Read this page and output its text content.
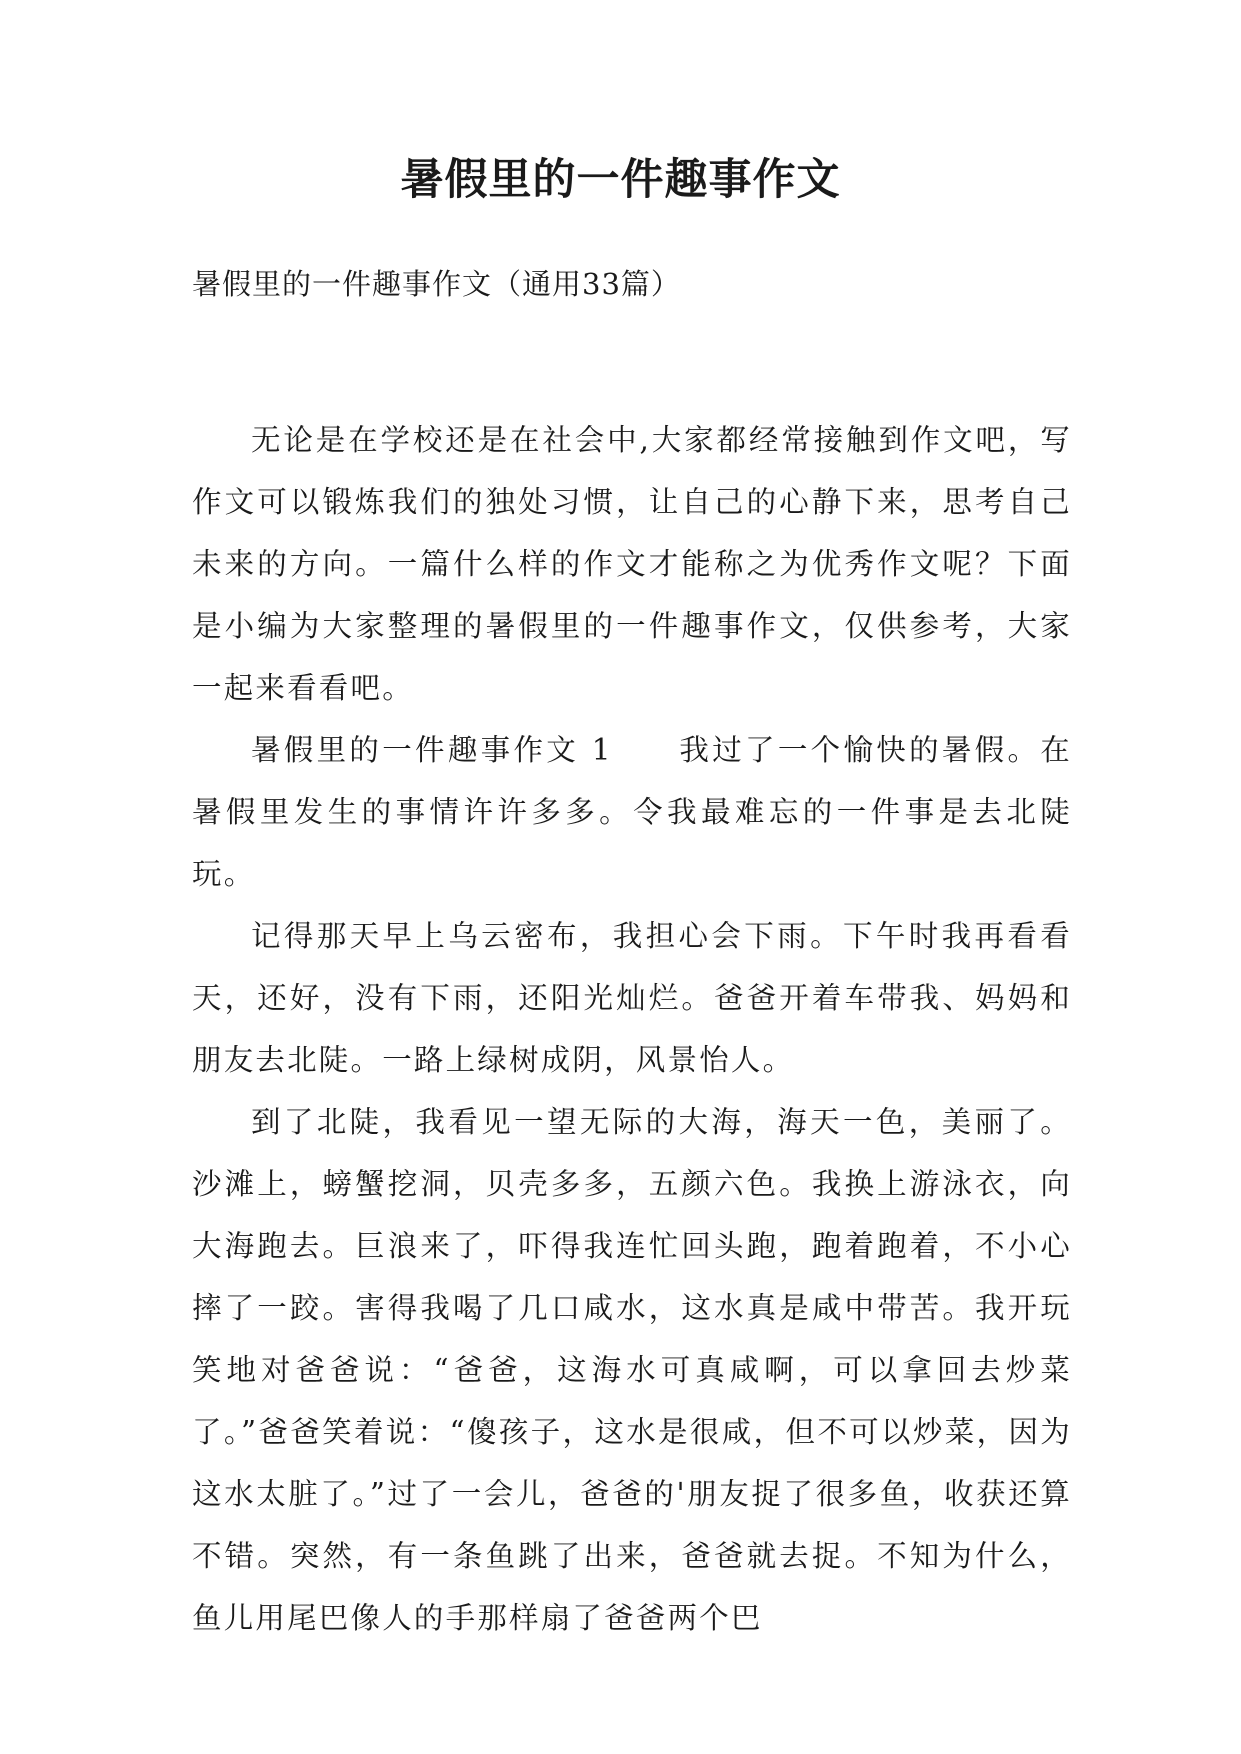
暑假里的一件趣事作文
暑假里的一件趣事作文（通用33篇）

无论是在学校还是在社会中,大家都经常接触到作文吧，写作文可以锻炼我们的独处习惯，让自己的心静下来，思考自己未来的方向。一篇什么样的作文才能称之为优秀作文呢？下面是小编为大家整理的暑假里的一件趣事作文，仅供参考，大家一起来看看吧。

暑假里的一件趣事作文 1　　我过了一个愉快的暑假。在暑假里发生的事情许许多多。令我最难忘的一件事是去北陡玩。

记得那天早上乌云密布，我担心会下雨。下午时我再看看天，还好，没有下雨，还阳光灿烂。爸爸开着车带我、妈妈和朋友去北陡。一路上绿树成阴，风景怡人。

到了北陡，我看见一望无际的大海，海天一色，美丽了。沙滩上，螃蟹挖洞，贝壳多多，五颜六色。我换上游泳衣，向大海跑去。巨浪来了，吓得我连忙回头跑，跑着跑着，不小心摔了一跤。害得我喝了几口咸水，这水真是咸中带苦。我开玩笑地对爸爸说：“爸爸，这海水可真咸啊，可以拿回去炒菜了。”爸爸笑着说：“傻孩子，这水是很咸，但不可以炒菜，因为这水太脏了。”过了一会儿，爸爸的'朋友捉了很多鱼，收获还算不错。突然，有一条鱼跳了出来，爸爸就去捉。不知为什么，鱼儿用尾巴像人的手那样扇了爸爸两个巴
